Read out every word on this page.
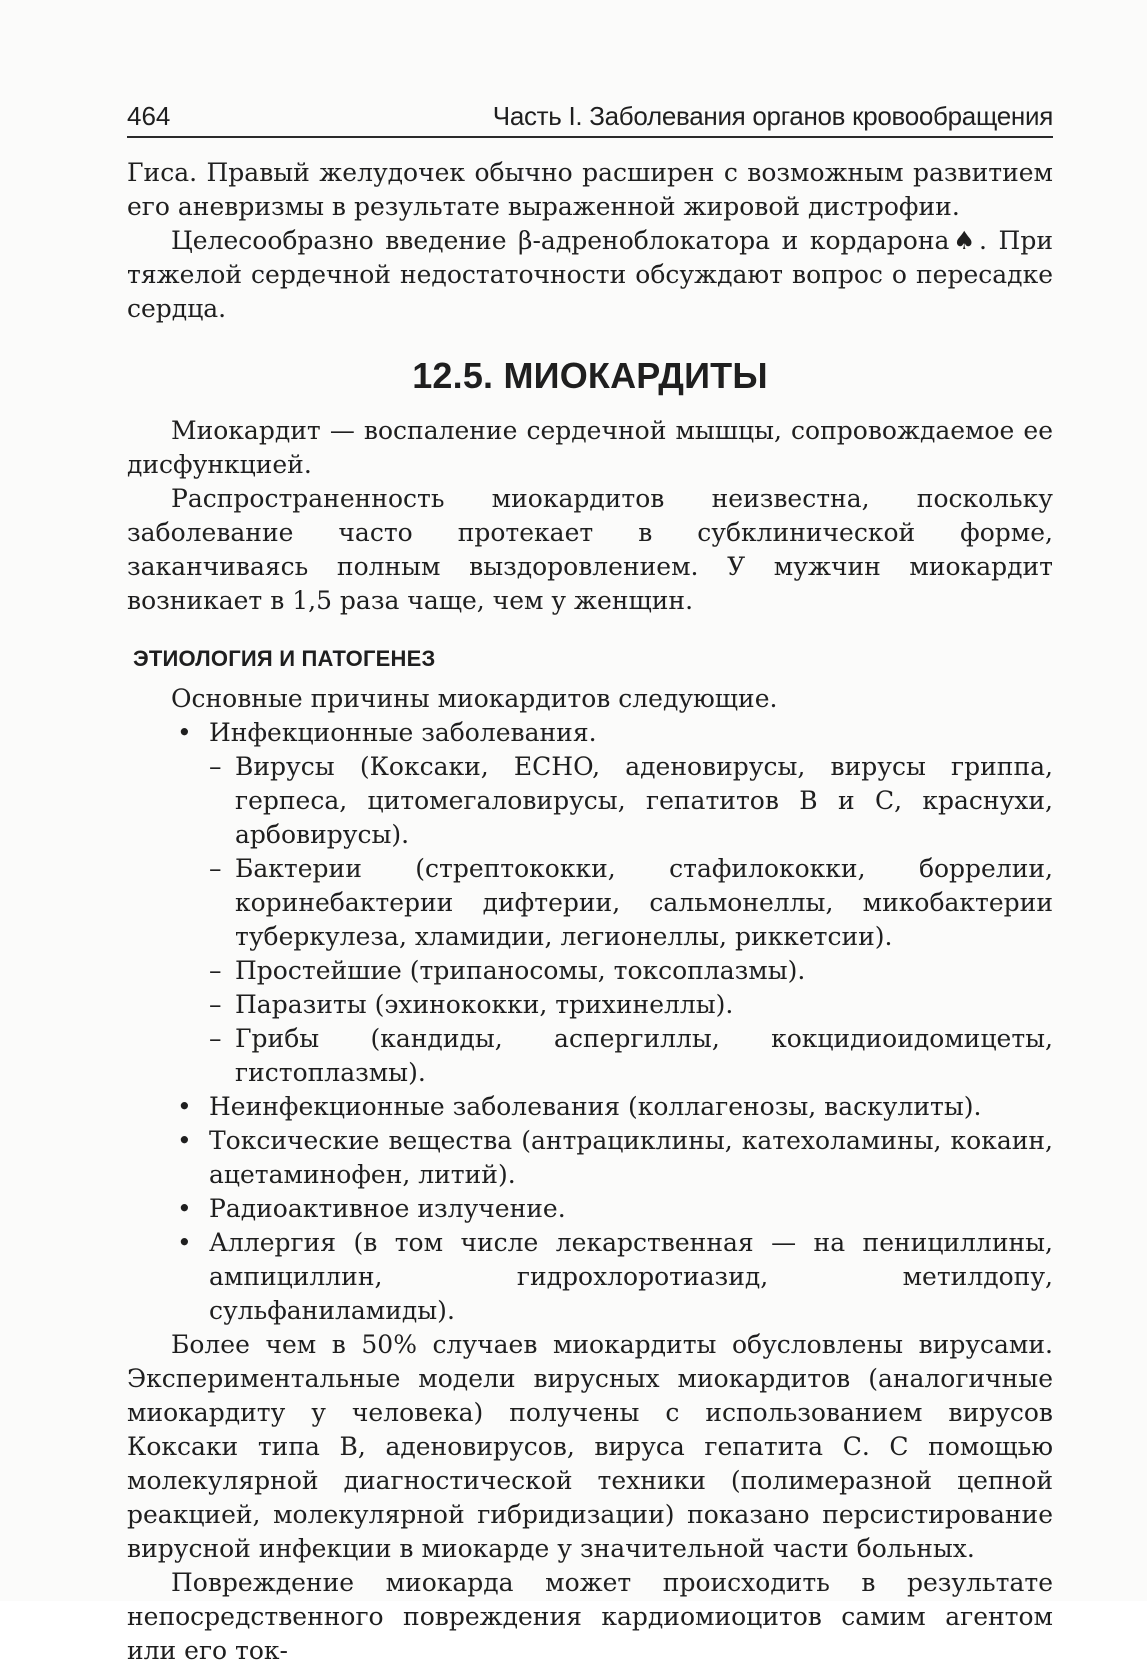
464	Часть I. Заболевания органов кровообращения

Гиса. Правый желудочек обычно расширен с возможным развитием его аневризмы в результате выраженной жировой дистрофии.

Целесообразно введение β-адреноблокатора и кордарона♠. При тяжелой сердечной недостаточности обсуждают вопрос о пересадке сердца.

12.5. МИОКАРДИТЫ

Миокардит — воспаление сердечной мышцы, сопровождаемое ее дисфункцией.

Распространенность миокардитов неизвестна, поскольку заболевание часто протекает в субклинической форме, заканчиваясь полным выздоровлением. У мужчин миокардит возникает в 1,5 раза чаще, чем у женщин.

ЭТИОЛОГИЯ И ПАТОГЕНЕЗ

Основные причины миокардитов следующие.

• Инфекционные заболевания.
– Вирусы (Коксаки, ECHO, аденовирусы, вирусы гриппа, герпеса, цитомегаловирусы, гепатитов В и С, краснухи, арбовирусы).
– Бактерии (стрептококки, стафилококки, боррелии, коринебактерии дифтерии, сальмонеллы, микобактерии туберкулеза, хламидии, легионеллы, риккетсии).
– Простейшие (трипаносомы, токсоплазмы).
– Паразиты (эхинококки, трихинеллы).
– Грибы (кандиды, аспергиллы, кокцидиоидомицеты, гистоплазмы).
• Неинфекционные заболевания (коллагенозы, васкулиты).
• Токсические вещества (антрациклины, катехоламины, кокаин, ацетаминофен, литий).
• Радиоактивное излучение.
• Аллергия (в том числе лекарственная — на пенициллины, ампициллин, гидрохлоротиазид, метилдопу, сульфаниламиды).

Более чем в 50% случаев миокардиты обусловлены вирусами. Экспериментальные модели вирусных миокардитов (аналогичные миокардиту у человека) получены с использованием вирусов Коксаки типа В, аденовирусов, вируса гепатита С. С помощью молекулярной диагностической техники (полимеразной цепной реакцией, молекулярной гибридизации) показано персистирование вирусной инфекции в миокарде у значительной части больных.

Повреждение миокарда может происходить в результате непосредственного повреждения кардиомиоцитов самим агентом или его ток-
